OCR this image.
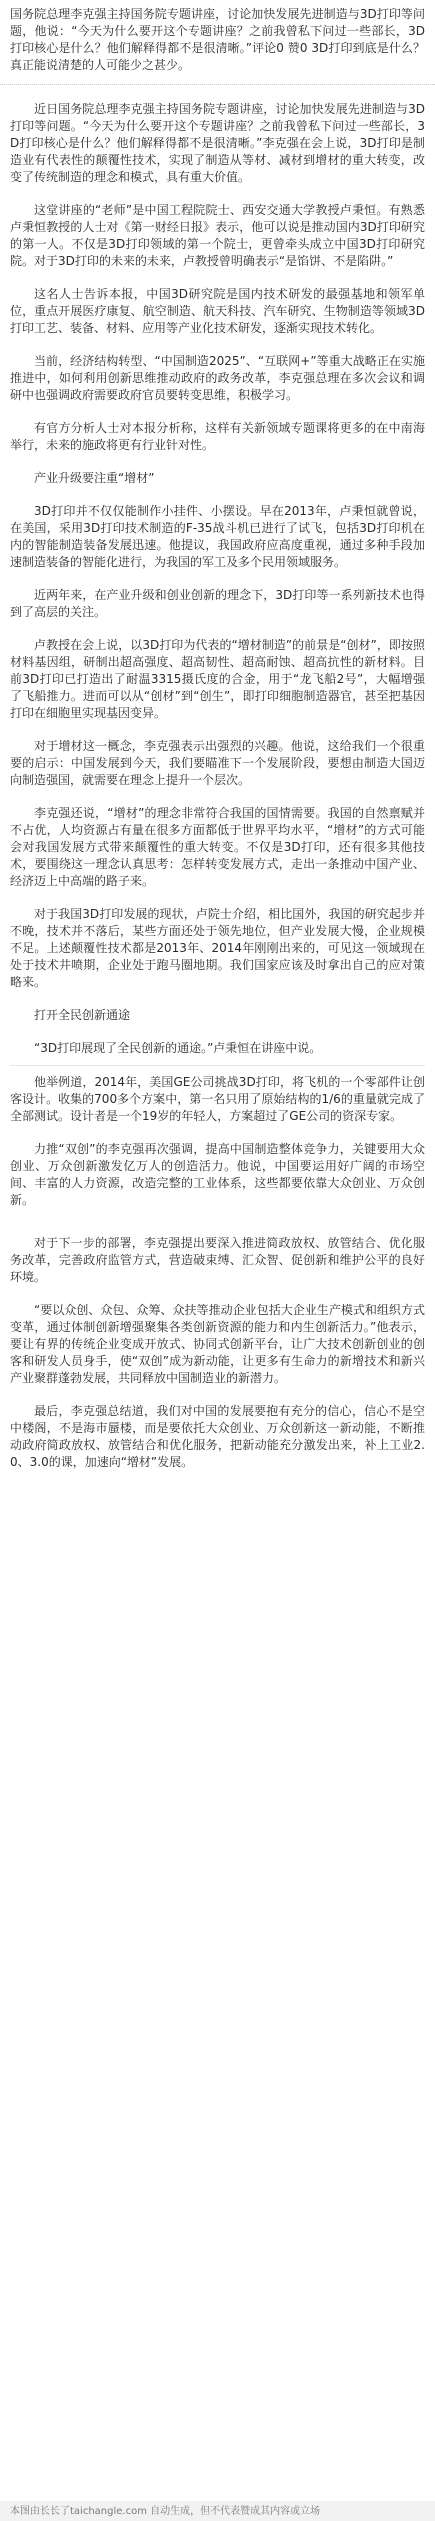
国务院总理李克强主持国务院专题讲座，讨论加快发展先进制造与3D打印等问题，他说：“今天为什么要开这个专题讲座？之前我曾私下问过一些部长，3D打印核心是什么？他们解释得都不是很清晰。”评论0 赞0 3D打印到底是什么？真正能说清楚的人可能少之甚少。

近日国务院总理李克强主持国务院专题讲座，讨论加快发展先进制造与3D打印等问题。“今天为什么要开这个专题讲座？之前我曾私下问过一些部长，3D打印核心是什么？他们解释得都不是很清晰。”李克强在会上说，3D打印是制造业有代表性的颠覆性技术，实现了制造从等材、减材到增材的重大转变，改变了传统制造的理念和模式，具有重大价值。

这堂讲座的“老师”是中国工程院院士、西安交通大学教授卢秉恒。有熟悉卢秉恒教授的人士对《第一财经日报》表示，他可以说是推动国内3D打印研究的第一人。不仅是3D打印领域的第一个院士，更曾牵头成立中国3D打印研究院。对于3D打印的未来的未来，卢教授曾明确表示“是馅饼、不是陷阱。”

这名人士告诉本报，中国3D研究院是国内技术研发的最强基地和领军单位，重点开展医疗康复、航空制造、航天科技、汽车研究、生物制造等领域3D打印工艺、装备、材料、应用等产业化技术研发，逐渐实现技术转化。

当前，经济结构转型、“中国制造2025”、“互联网+”等重大战略正在实施推进中，如何利用创新思维推动政府的政务改革，李克强总理在多次会议和调研中也强调政府需要政府官员要转变思维，积极学习。

有官方分析人士对本报分析称，这样有关新领域专题课将更多的在中南海举行，未来的施政将更有行业针对性。

产业升级要注重“增材”

3D打印并不仅仅能制作小挂件、小摆设。早在2013年，卢秉恒就曾说，在美国，采用3D打印技术制造的F-35战斗机已进行了试飞，包括3D打印机在内的智能制造装备发展迅速。他提议，我国政府应高度重视，通过多种手段加速制造装备的智能化进行，为我国的军工及多个民用领域服务。

近两年来，在产业升级和创业创新的理念下，3D打印等一系列新技术也得到了高层的关注。

卢教授在会上说，以3D打印为代表的“增材制造”的前景是“创材”，即按照材料基因组，研制出超高强度、超高韧性、超高耐蚀、超高抗性的新材料。目前3D打印已打造出了耐温3315摄氏度的合金，用于“龙飞船2号”，大幅增强了飞船推力。进而可以从“创材”到“创生”，即打印细胞制造器官，甚至把基因打印在细胞里实现基因变异。

对于增材这一概念，李克强表示出强烈的兴趣。他说，这给我们一个很重要的启示：中国发展到今天，我们要瞄准下一个发展阶段，要想由制造大国迈向制造强国，就需要在理念上提升一个层次。

李克强还说，“增材”的理念非常符合我国的国情需要。我国的自然禀赋并不占优，人均资源占有量在很多方面都低于世界平均水平，“增材”的方式可能会对我国发展方式带来颠覆性的重大转变。不仅是3D打印，还有很多其他技术，要围绕这一理念认真思考：怎样转变发展方式，走出一条推动中国产业、经济迈上中高端的路子来。

对于我国3D打印发展的现状，卢院士介绍，相比国外，我国的研究起步并不晚，技术并不落后，某些方面还处于领先地位，但产业发展大慢，企业规模不足。上述颠覆性技术都是2013年、2014年刚刚出来的，可见这一领域现在处于技术井喷期，企业处于跑马圈地期。我们国家应该及时拿出自己的应对策略来。

打开全民创新通途

“3D打印展现了全民创新的通途。”卢秉恒在讲座中说。

他举例道，2014年，美国GE公司挑战3D打印，将飞机的一个零部件让创客设计。收集的700多个方案中，第一名只用了原始结构的1/6的重量就完成了全部测试。设计者是一个19岁的年轻人，方案超过了GE公司的资深专家。

力推“双创”的李克强再次强调，提高中国制造整体竞争力，关键要用大众创业、万众创新激发亿万人的创造活力。他说，中国要运用好广阔的市场空间、丰富的人力资源，改造完整的工业体系，这些都要依靠大众创业、万众创新。

对于下一步的部署，李克强提出要深入推进简政放权、放管结合、优化服务改革，完善政府监管方式，营造破束缚、汇众智、促创新和维护公平的良好环境。

“要以众创、众包、众筹、众扶等推动企业包括大企业生产模式和组织方式变革，通过体制创新增强聚集各类创新资源的能力和内生创新活力。”他表示，要让有界的传统企业变成开放式、协同式创新平台，让广大技术创新创业的创客和研发人员身手，使“双创”成为新动能，让更多有生命力的新增技术和新兴产业聚群蓬勃发展，共同释放中国制造业的新潜力。

最后，李克强总结道，我们对中国的发展要抱有充分的信心，信心不是空中楼阁，不是海市蜃楼，而是要依托大众创业、万众创新这一新动能，不断推动政府简政放权、放管结合和优化服务，把新动能充分激发出来，补上工业2.0、3.0的课，加速向“增材”发展。

本图由长长了taichangle.com 自动生成，但不代表赞成其内容或立场
